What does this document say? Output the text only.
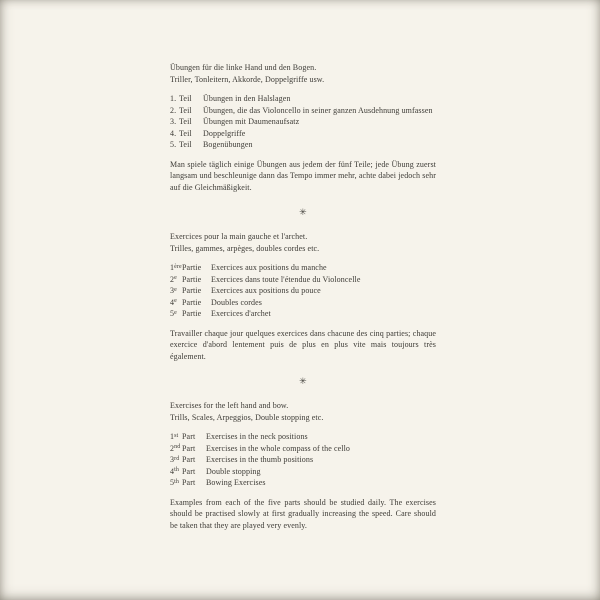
Übungen für die linke Hand und den Bogen.
Triller, Tonleitern, Akkorde, Doppelgriffe usw.
1. Teil	Übungen in den Halslagen
2. Teil	Übungen, die das Violoncello in seiner ganzen Ausdehnung umfassen
3. Teil	Übungen mit Daumenaufsatz
4. Teil	Doppelgriffe
5. Teil	Bogenübungen
Man spiele täglich einige Übungen aus jedem der fünf Teile; jede Übung zuerst langsam und beschleunige dann das Tempo immer mehr, achte dabei jedoch sehr auf die Gleichmäßigkeit.
✳
Exercices pour la main gauche et l'archet.
Trilles, gammes, arpèges, doubles cordes etc.
1èrePartie	Exercices aux positions du manche
2e Partie	Exercices dans toute l'étendue du Violoncelle
3e Partie	Exercices aux positions du pouce
4e Partie	Doubles cordes
5e Partie	Exercices d'archet
Travailler chaque jour quelques exercices dans chacune des cinq parties; chaque exercice d'abord lentement puis de plus en plus vite mais toujours très également.
✳
Exercises for the left hand and bow.
Trills, Scales, Arpeggios, Double stopping etc.
1st Part	Exercises in the neck positions
2nd Part	Exercises in the whole compass of the cello
3rd Part	Exercises in the thumb positions
4th Part	Double stopping
5th Part	Bowing Exercises
Examples from each of the five parts should be studied daily. The exercises should be practised slowly at first gradually increasing the speed. Care should be taken that they are played very evenly.
